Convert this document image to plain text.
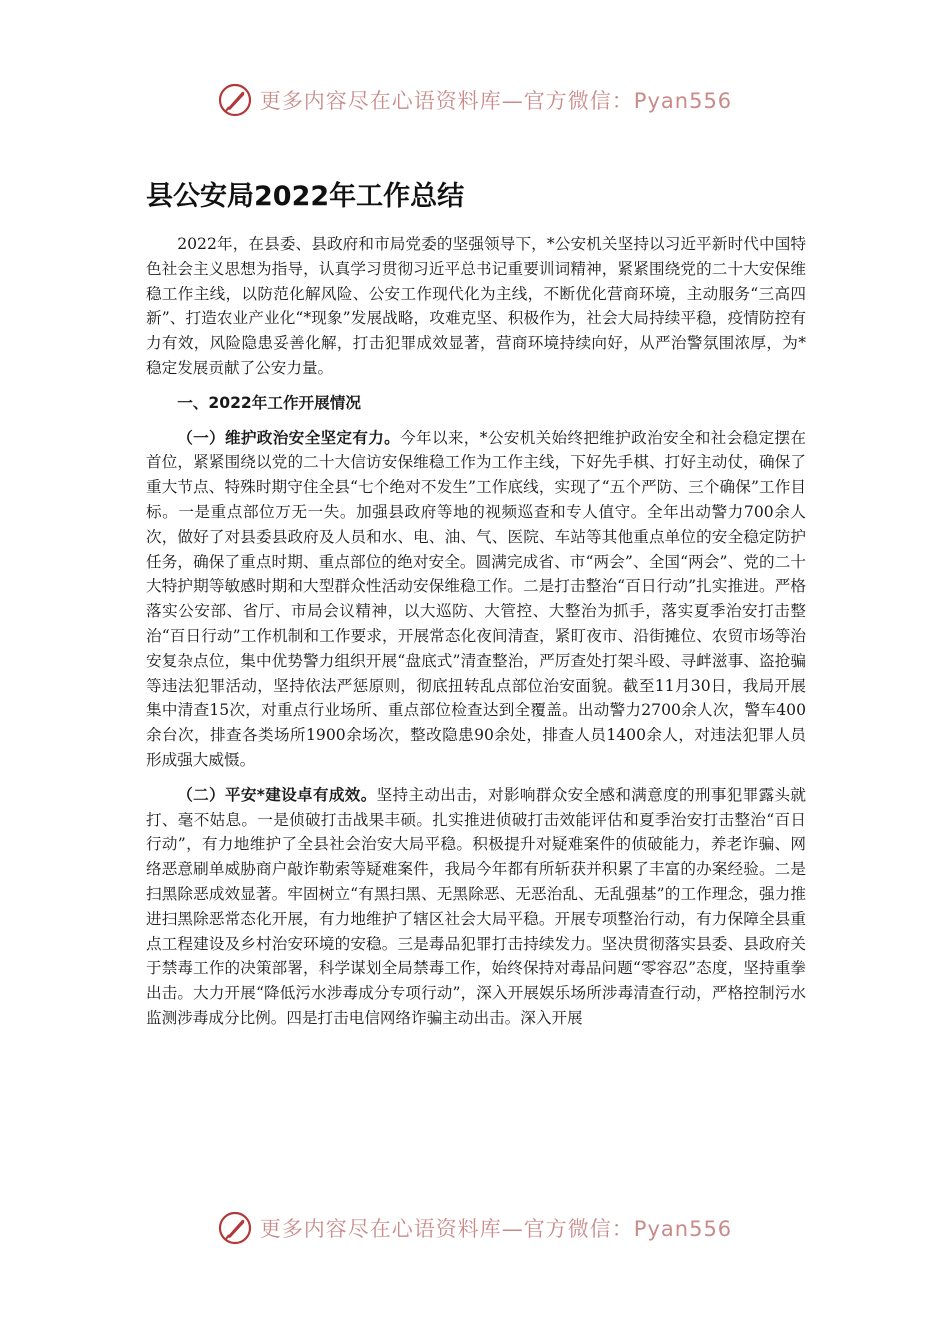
更多内容尽在心语资料库—官方微信：Pyan556
县公安局2022年工作总结

2022年，在县委、县政府和市局党委的坚强领导下，*公安机关坚持以习近平新时代中国特色社会主义思想为指导，认真学习贯彻习近平总书记重要训词精神，紧紧围绕党的二十大安保维稳工作主线，以防范化解风险、公安工作现代化为主线，不断优化营商环境，主动服务“三高四新”、打造农业产业化“*现象”发展战略，攻难克坚、积极作为，社会大局持续平稳，疫情防控有力有效，风险隐患妥善化解，打击犯罪成效显著，营商环境持续向好，从严治警氛围浓厚，为*稳定发展贡献了公安力量。

一、2022年工作开展情况

（一）维护政治安全坚定有力。今年以来，*公安机关始终把维护政治安全和社会稳定摆在首位，紧紧围绕以党的二十大信访安保维稳工作为工作主线，下好先手棋、打好主动仗，确保了重大节点、特殊时期守住全县“七个绝对不发生”工作底线，实现了“五个严防、三个确保”工作目标。一是重点部位万无一失。加强县政府等地的视频巡查和专人值守。全年出动警力700余人次，做好了对县委县政府及人员和水、电、油、气、医院、车站等其他重点单位的安全稳定防护任务，确保了重点时期、重点部位的绝对安全。圆满完成省、市“两会”、全国“两会”、党的二十大特护期等敏感时期和大型群众性活动安保维稳工作。二是打击整治“百日行动”扎实推进。严格落实公安部、省厅、市局会议精神，以大巡防、大管控、大整治为抓手，落实夏季治安打击整治“百日行动”工作机制和工作要求，开展常态化夜间清查，紧盯夜市、沿街摊位、农贸市场等治安复杂点位，集中优势警力组织开展“盘底式”清查整治，严厉查处打架斗殴、寻衅滋事、盗抢骗等违法犯罪活动，坚持依法严惩原则，彻底扭转乱点部位治安面貌。截至11月30日，我局开展集中清查15次，对重点行业场所、重点部位检查达到全覆盖。出动警力2700余人次，警车400余台次，排查各类场所1900余场次，整改隐患90余处，排查人员1400余人，对违法犯罪人员形成强大威慑。

（二）平安*建设卓有成效。坚持主动出击，对影响群众安全感和满意度的刑事犯罪露头就打、毫不姑息。一是侦破打击战果丰硕。扎实推进侦破打击效能评估和夏季治安打击整治“百日行动”，有力地维护了全县社会治安大局平稳。积极提升对疑难案件的侦破能力，养老诈骗、网络恶意刷单威胁商户敲诈勒索等疑难案件，我局今年都有所斩获并积累了丰富的办案经验。二是扫黑除恶成效显著。牢固树立“有黑扫黑、无黑除恶、无恶治乱、无乱强基”的工作理念，强力推进扫黑除恶常态化开展，有力地维护了辖区社会大局平稳。开展专项整治行动，有力保障全县重点工程建设及乡村治安环境的安稳。三是毒品犯罪打击持续发力。坚决贯彻落实县委、县政府关于禁毒工作的决策部署，科学谋划全局禁毒工作，始终保持对毒品问题“零容忍”态度，坚持重拳出击。大力开展“降低污水涉毒成分专项行动”，深入开展娱乐场所涉毒清查行动，严格控制污水监测涉毒成分比例。四是打击电信网络诈骗主动出击。深入开展

更多内容尽在心语资料库—官方微信：Pyan556
